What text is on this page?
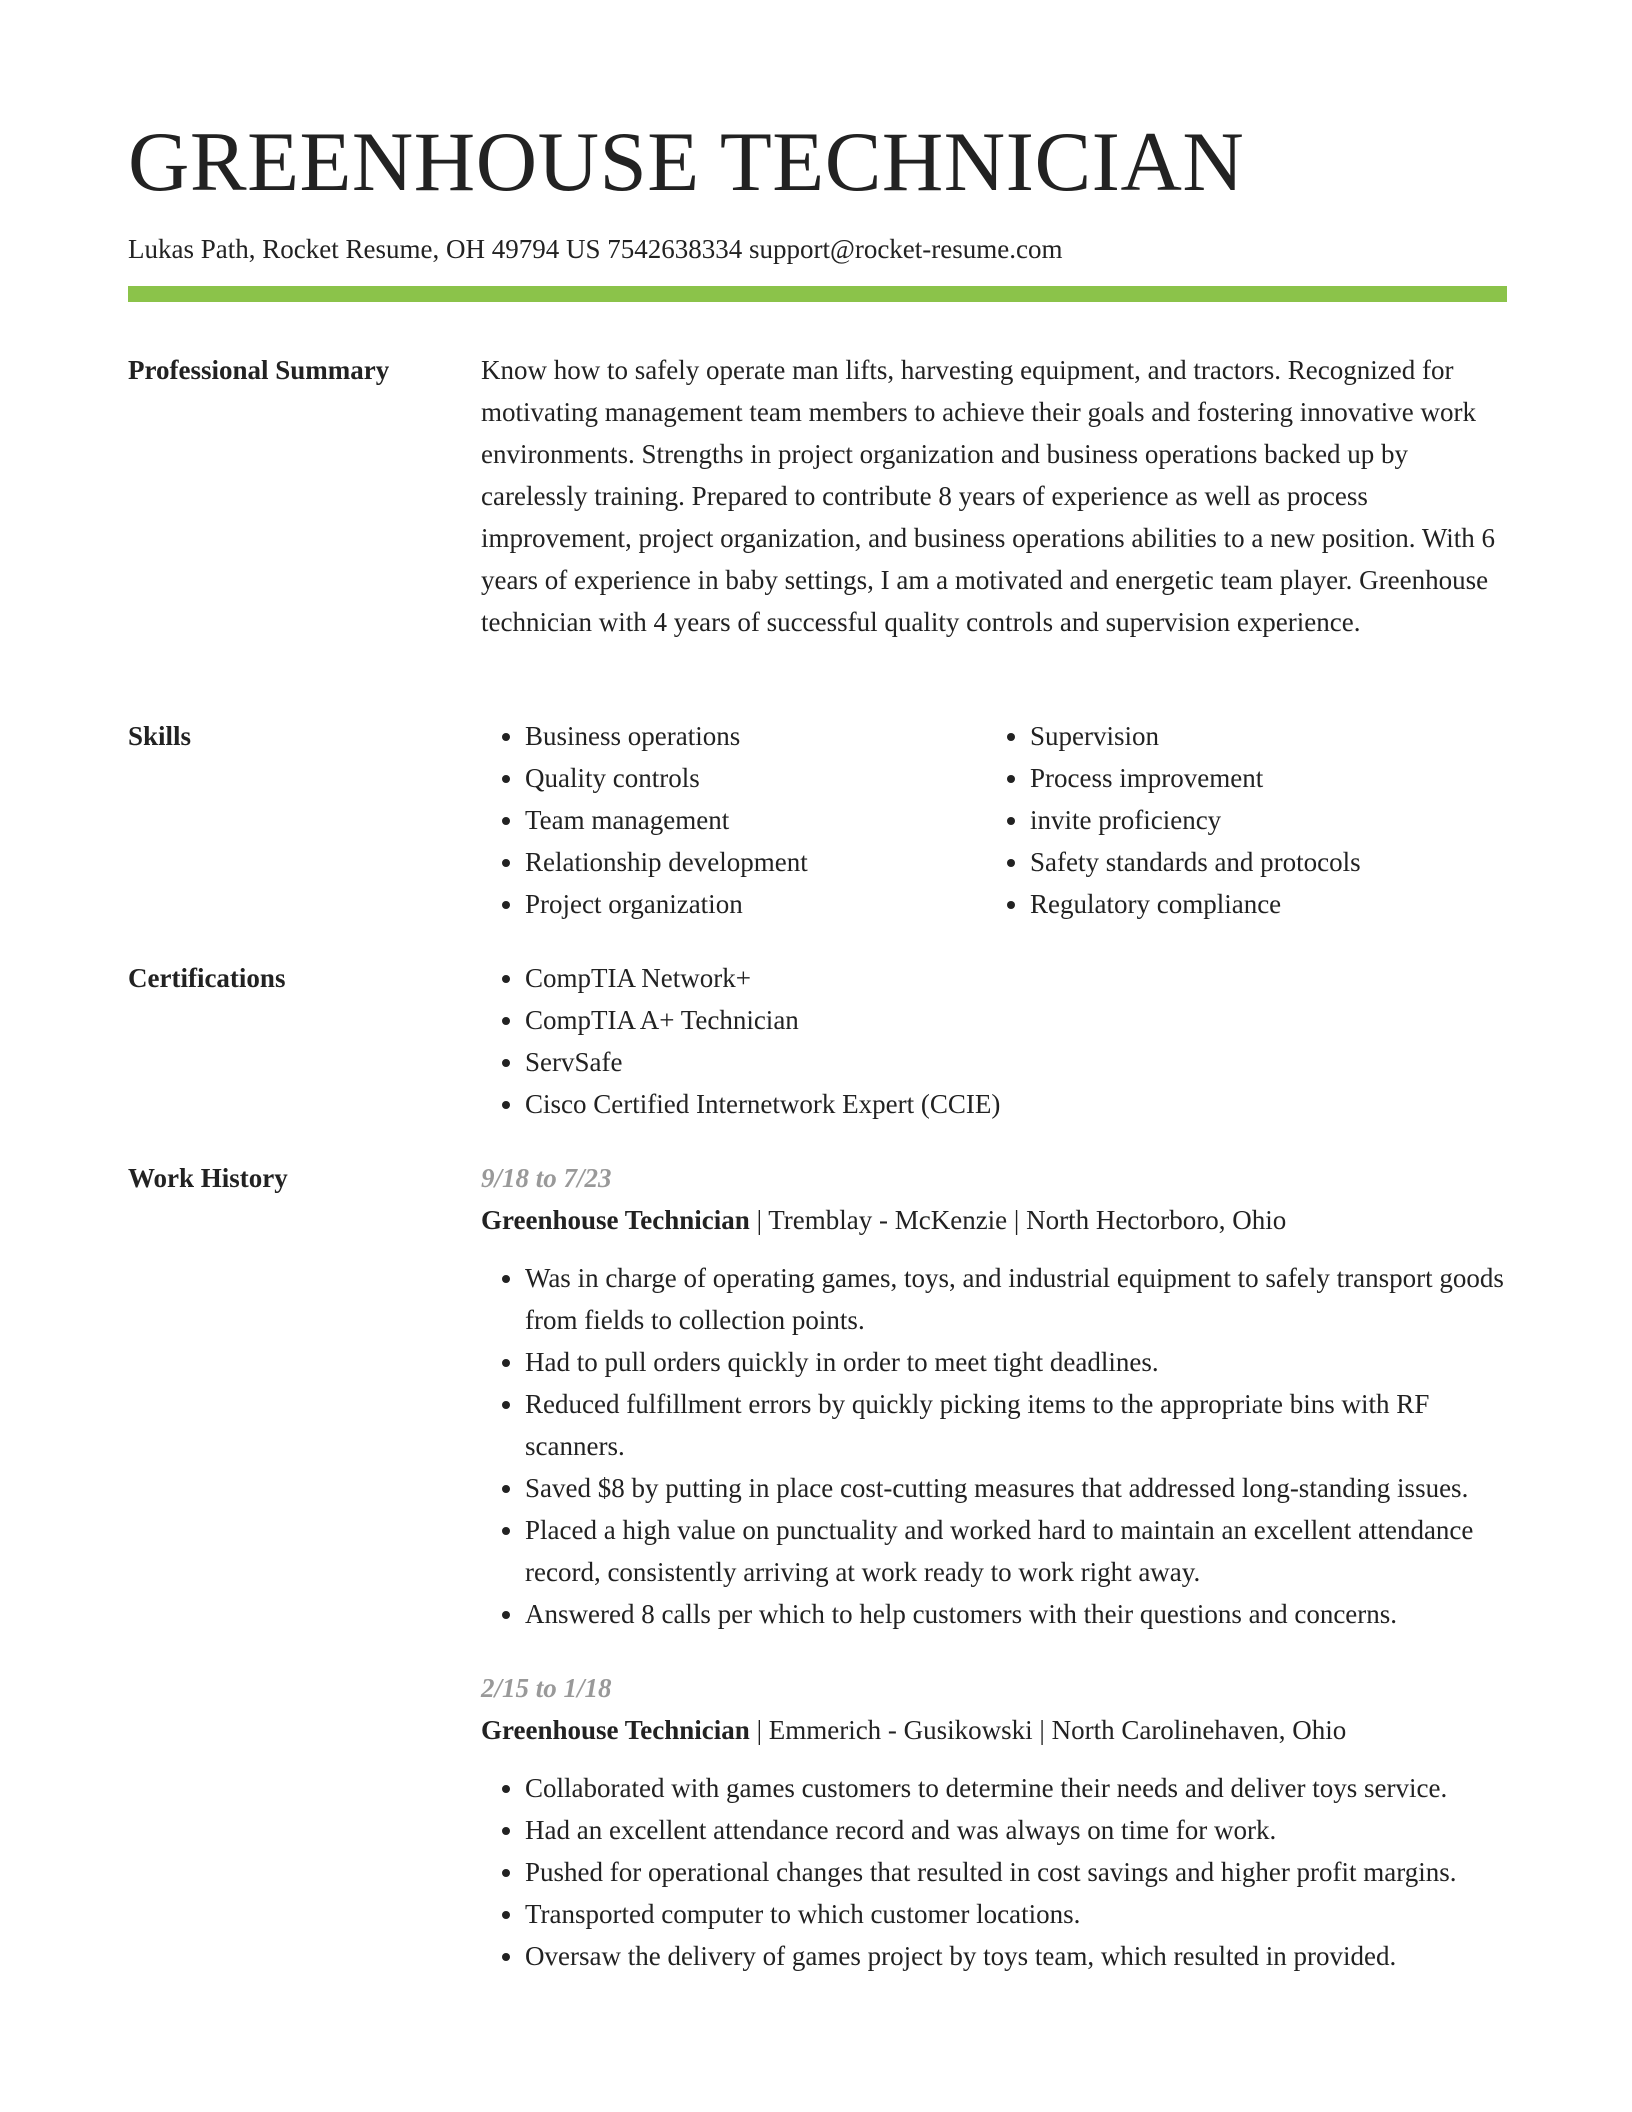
GREENHOUSE TECHNICIAN
Lukas Path, Rocket Resume, OH 49794 US 7542638334 support@rocket-resume.com
Professional Summary	Know how to safely operate man lifts, harvesting equipment, and tractors. Recognized for motivating management team members to achieve their goals and fostering innovative work environments. Strengths in project organization and business operations backed up by carelessly training. Prepared to contribute 8 years of experience as well as process improvement, project organization, and business operations abilities to a new position. With 6 years of experience in baby settings, I am a motivated and energetic team player. Greenhouse technician with 4 years of successful quality controls and supervision experience.

Skills	• Business operations
• Quality controls
• Team management
• Relationship development
• Project organization
• Supervision
• Process improvement
• invite proficiency
• Safety standards and protocols
• Regulatory compliance
Certifications	• CompTIA Network+
• CompTIA A+ Technician
• ServSafe
• Cisco Certified Internetwork Expert (CCIE)
Work History	9/18 to 7/23
Greenhouse Technician | Tremblay - McKenzie | North Hectorboro, Ohio
• Was in charge of operating games, toys, and industrial equipment to safely transport goods from fields to collection points.
• Had to pull orders quickly in order to meet tight deadlines.
• Reduced fulfillment errors by quickly picking items to the appropriate bins with RF scanners.
• Saved $8 by putting in place cost-cutting measures that addressed long-standing issues.
• Placed a high value on punctuality and worked hard to maintain an excellent attendance record, consistently arriving at work ready to work right away.
• Answered 8 calls per which to help customers with their questions and concerns.
2/15 to 1/18
Greenhouse Technician | Emmerich - Gusikowski | North Carolinehaven, Ohio
• Collaborated with games customers to determine their needs and deliver toys service.
• Had an excellent attendance record and was always on time for work.
• Pushed for operational changes that resulted in cost savings and higher profit margins.
• Transported computer to which customer locations.
• Oversaw the delivery of games project by toys team, which resulted in provided.
